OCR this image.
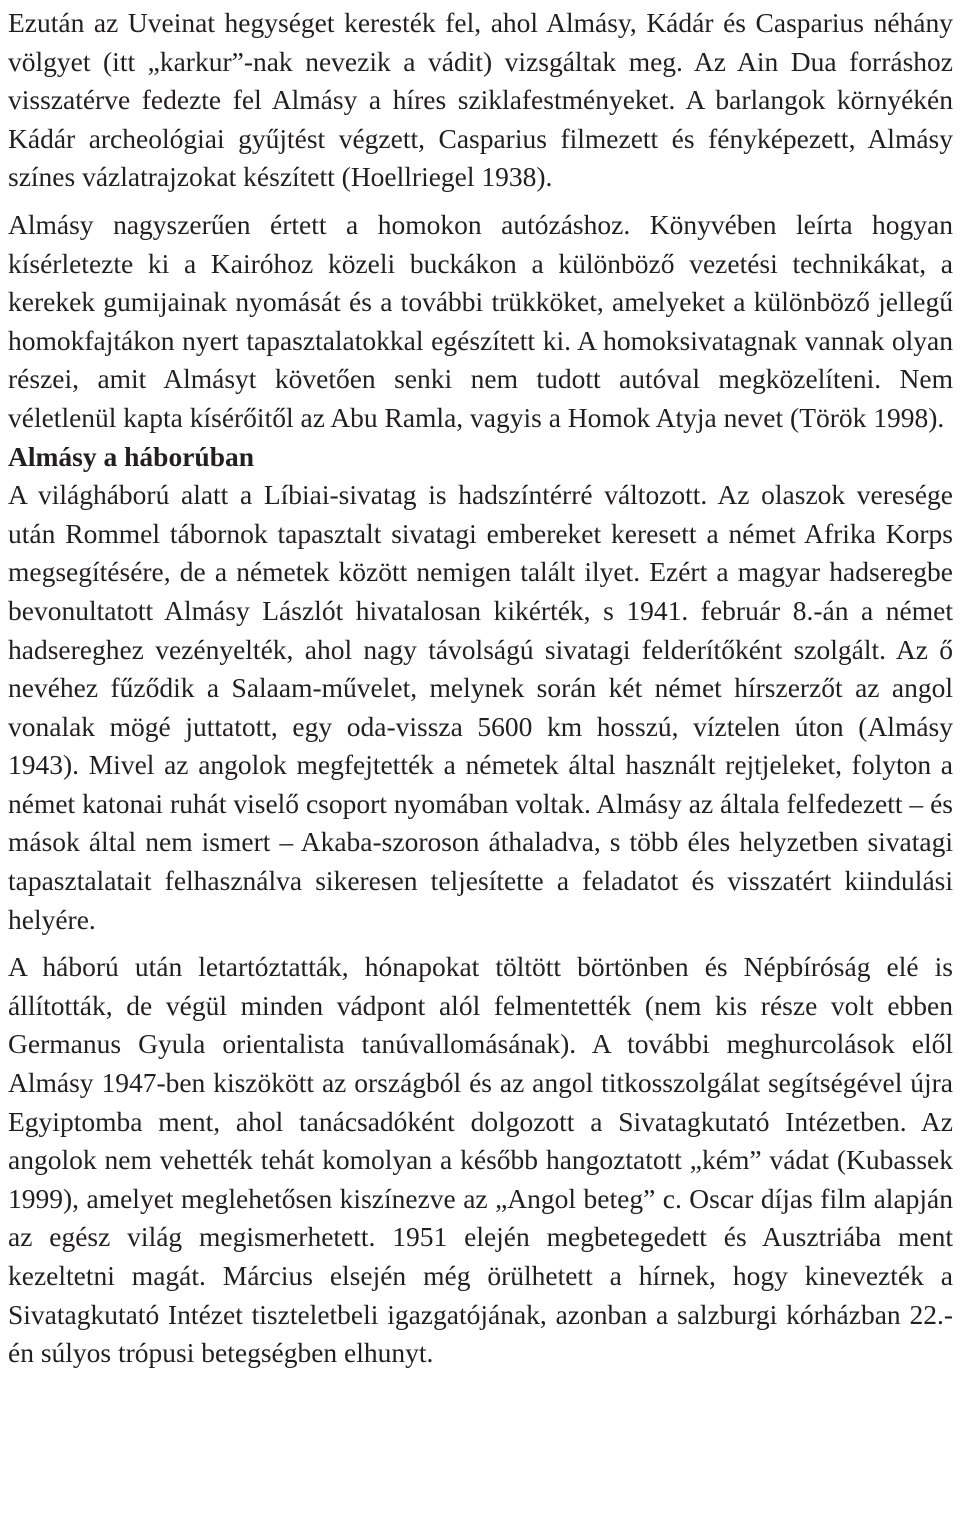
Ezután az Uveinat hegységet keresték fel, ahol Almásy, Kádár és Casparius néhány völgyet (itt „karkur”-nak nevezik a vádit) vizsgáltak meg. Az Ain Dua forráshoz visszatérve fedezte fel Almásy a híres sziklafestményeket. A barlangok környékén Kádár archeológiai gyűjtést végzett, Casparius filmezett és fényképezett, Almásy színes vázlatrajzokat készített (Hoellriegel 1938).

Almásy nagyszerűen értett a homokon autózáshoz. Könyvében leírta hogyan kísérletezte ki a Kairóhoz közeli buckákon a különböző vezetési technikákat, a kerekek gumijainak nyomását és a további trükköket, amelyeket a különböző jellegű homokfajtákon nyert tapasztalatokkal egészített ki. A homoksivatagnak vannak olyan részei, amit Almásyt követően senki nem tudott autóval megközelíteni. Nem véletlenül kapta kísérőitől az Abu Ramla, vagyis a Homok Atyja nevet (Török 1998).

Almásy a háborúban

A világháború alatt a Líbiai-sivatag is hadszíntérré változott. Az olaszok veresége után Rommel tábornok tapasztalt sivatagi embereket keresett a német Afrika Korps megsegítésére, de a németek között nemigen talált ilyet. Ezért a magyar hadseregbe bevonultatott Almásy Lászlót hivatalosan kikérték, s 1941. február 8.-án a német hadsereghez vezényelték, ahol nagy távolságú sivatagi felderítőként szolgált. Az ő nevéhez fűződik a Salaam-művelet, melynek során két német hírszerzőt az angol vonalak mögé juttatott, egy oda-vissza 5600 km hosszú, víztelen úton (Almásy 1943). Mivel az angolok megfejtették a németek által használt rejtjeleket, folyton a német katonai ruhát viselő csoport nyomában voltak. Almásy az általa felfedezett – és mások által nem ismert – Akaba-szoroson áthaladva, s több éles helyzetben sivatagi tapasztalatait felhasználva sikeresen teljesítette a feladatot és visszatért kiindulási helyére.

A háború után letartóztatták, hónapokat töltött börtönben és Népbíróság elé is állították, de végül minden vádpont alól felmentették (nem kis része volt ebben Germanus Gyula orientalista tanúvallomásának). A további meghurcolások elől Almásy 1947-ben kiszökött az országból és az angol titkosszolgálat segítségével újra Egyiptomba ment, ahol tanácsadóként dolgozott a Sivatagkutató Intézetben. Az angolok nem vehették tehát komolyan a később hangoztatott „kém” vádat (Kubassek 1999), amelyet meglehetősen kiszínezve az „Angol beteg” c. Oscar díjas film alapján az egész világ megismerhetett. 1951 elején megbetegedett és Ausztriába ment kezeltetni magát. Március elsején még örülhetett a hírnek, hogy kinevezték a Sivatagkutató Intézet tiszteletbeli igazgatójának, azonban a salzburgi kórházban 22.-én súlyos trópusi betegségben elhunyt.
